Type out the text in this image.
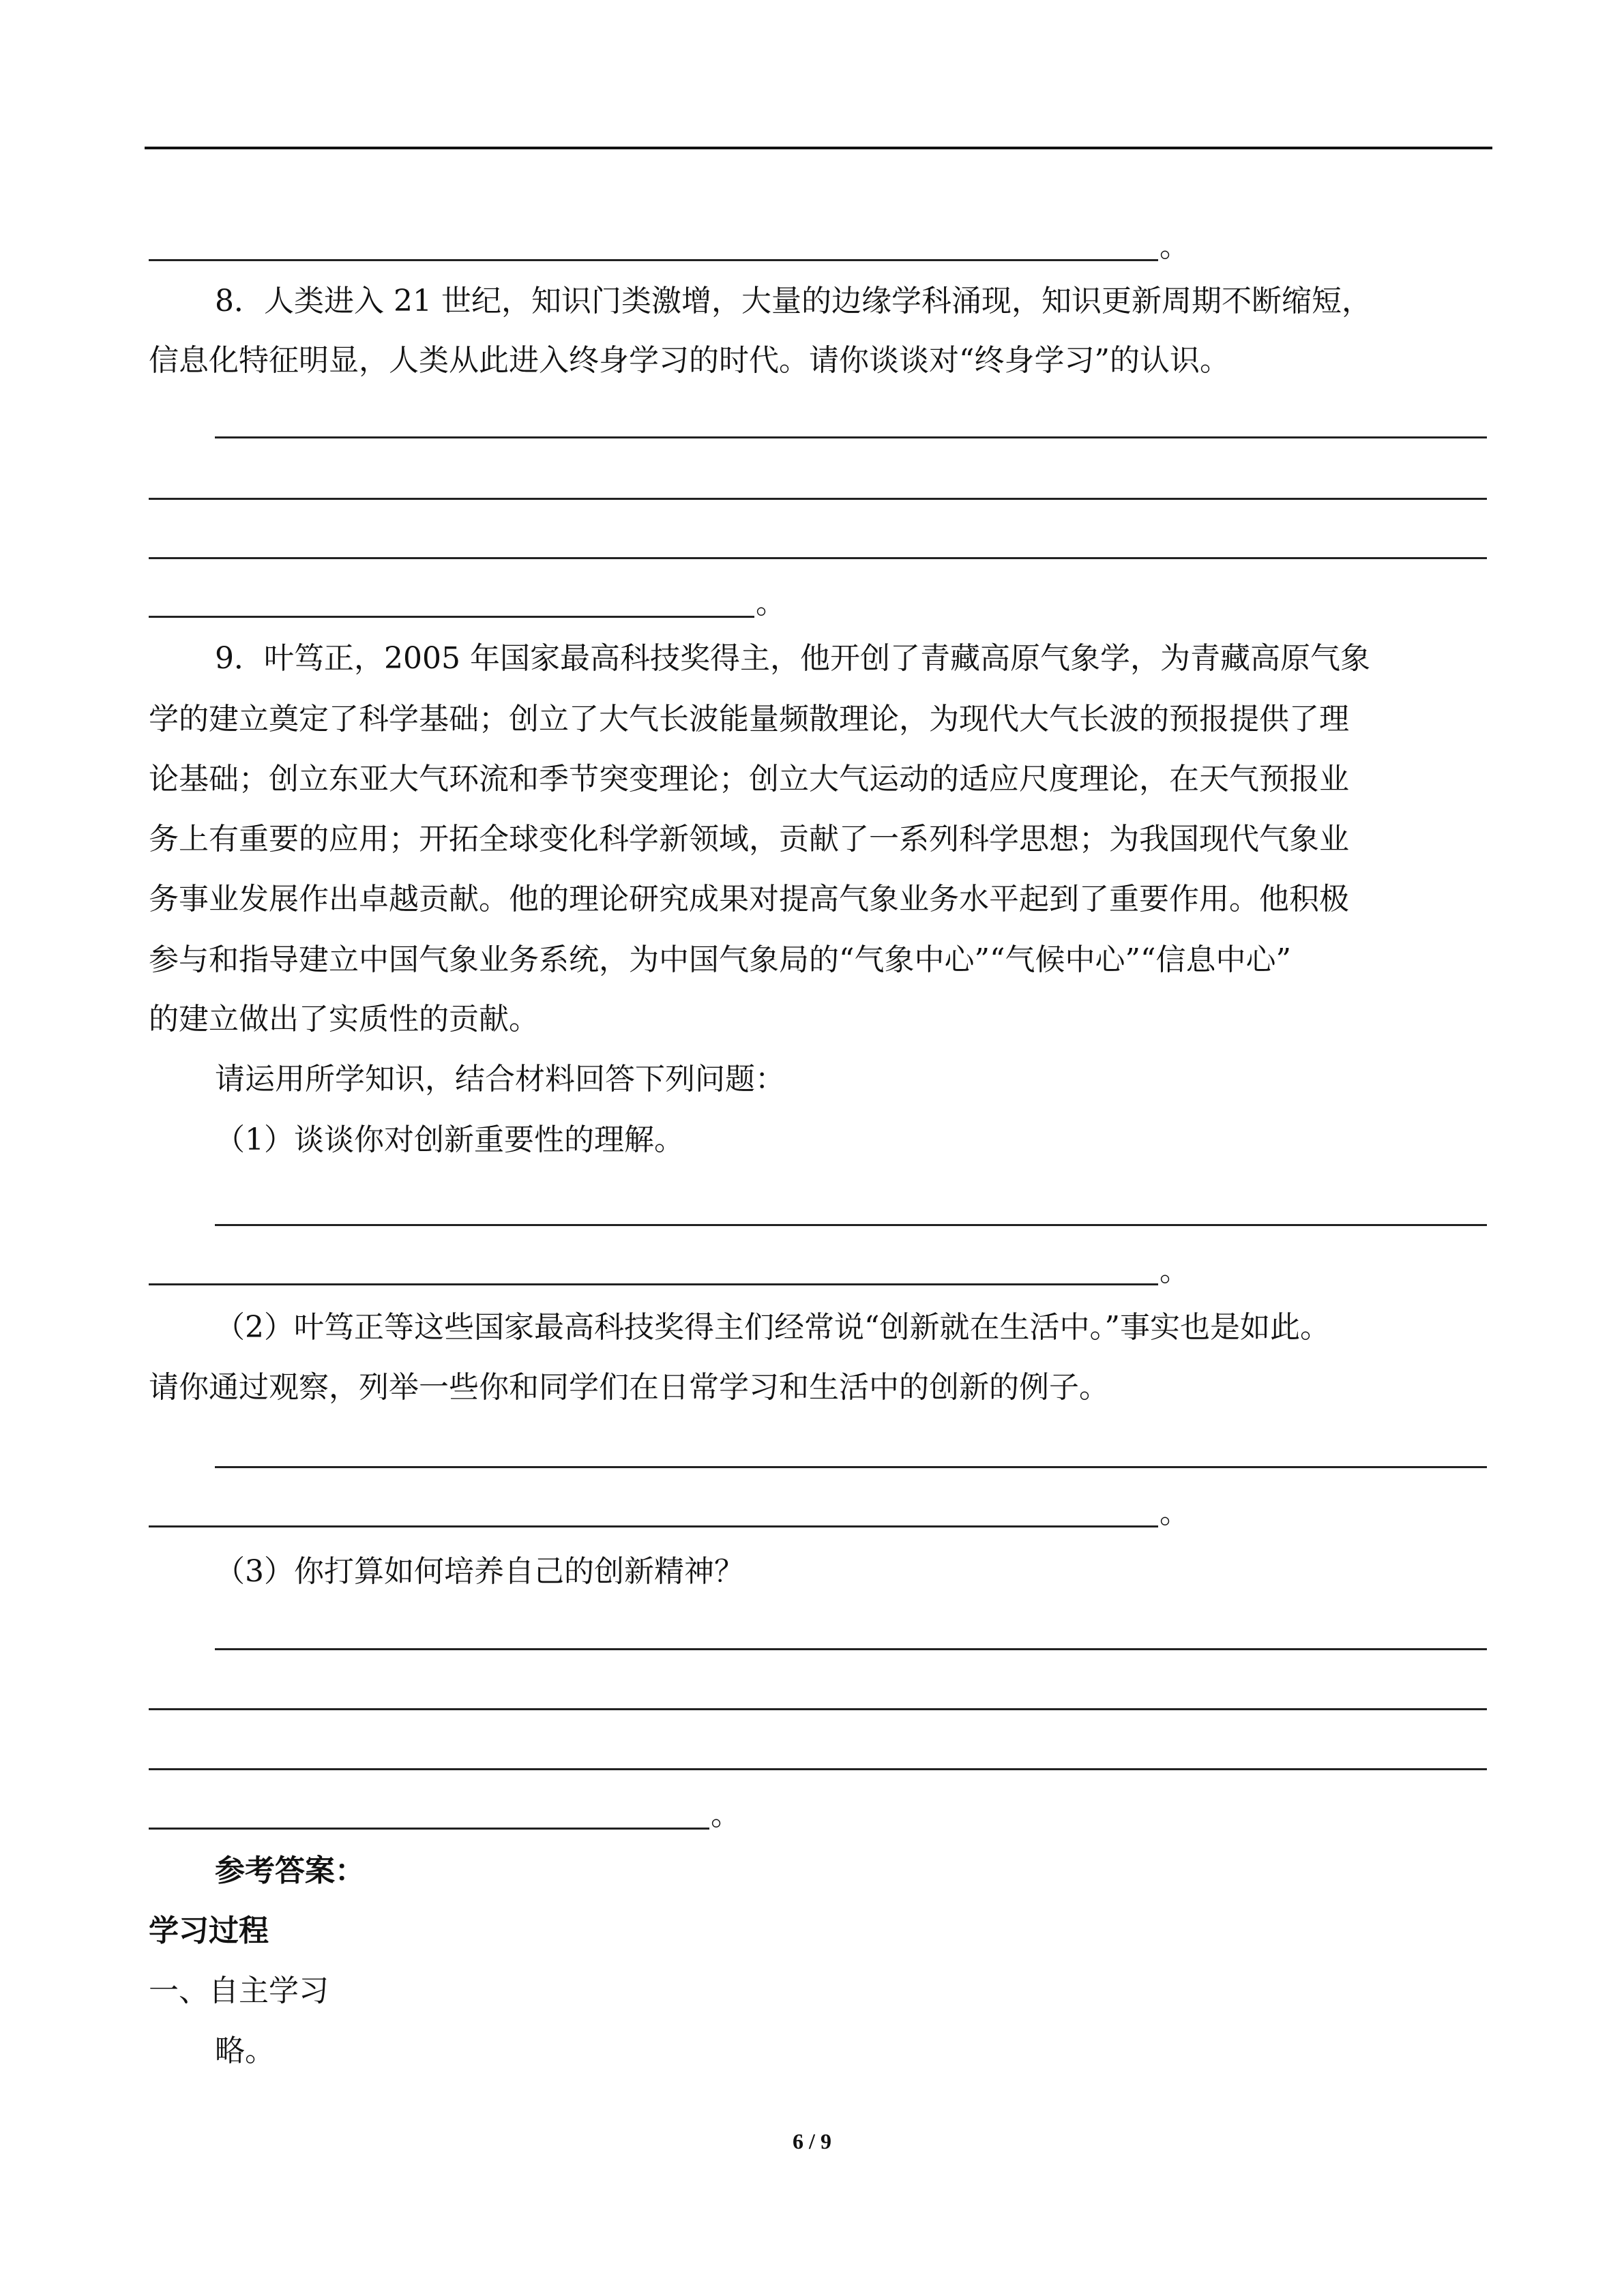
。
8．人类进入 21 世纪，知识门类激增，大量的边缘学科涌现，知识更新周期不断缩短，
信息化特征明显，人类从此进入终身学习的时代。请你谈谈对“终身学习”的认识。
。
9．叶笃正，2005 年国家最高科技奖得主，他开创了青藏高原气象学，为青藏高原气象
学的建立奠定了科学基础；创立了大气长波能量频散理论，为现代大气长波的预报提供了理
论基础；创立东亚大气环流和季节突变理论；创立大气运动的适应尺度理论，在天气预报业
务上有重要的应用；开拓全球变化科学新领域，贡献了一系列科学思想；为我国现代气象业
务事业发展作出卓越贡献。他的理论研究成果对提高气象业务水平起到了重要作用。他积极
参与和指导建立中国气象业务系统，为中国气象局的“气象中心”“气候中心”“信息中心”
的建立做出了实质性的贡献。
请运用所学知识，结合材料回答下列问题：
（1）谈谈你对创新重要性的理解。
。
（2）叶笃正等这些国家最高科技奖得主们经常说“创新就在生活中。”事实也是如此。
请你通过观察，列举一些你和同学们在日常学习和生活中的创新的例子。
。
（3）你打算如何培养自己的创新精神？
。
参考答案：
学习过程
一、自主学习
略。
6 / 9
